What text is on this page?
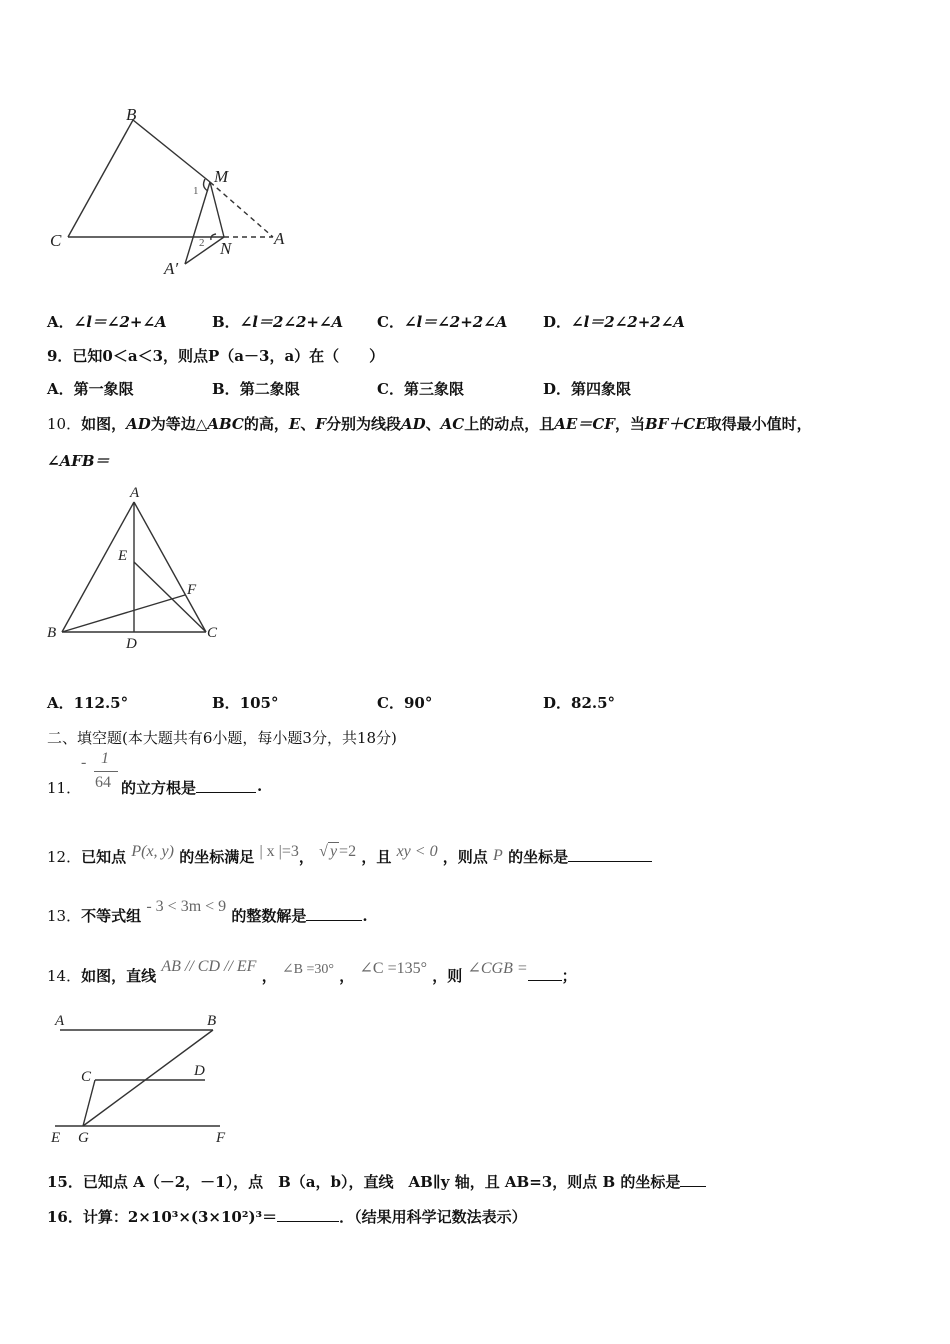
B
M
C	A
N
A′
1
2
A．∠l＝∠2+∠A	B．∠l＝2∠2+∠A C．∠l＝∠2+2∠A D．∠l＝2∠2+2∠A
9．已知0＜a＜3，则点P（a－3，a）在（　　）
A．第一象限	B．第二象限	C．第三象限	D．第四象限
10．如图，AD为等边△ABC的高，E、F分别为线段AD、AC上的动点，且AE＝CF，当BF＋CE取得最小值时，
∠AFB＝
A
E
F
B
D
C
A．112.5°	B．105°	C．90°	D．82.5°
二、填空题(本大题共有6小题，每小题3分，共18分)
11．
- 1
64 的立方根是	.
12．已知点 P(x, y) 的坐标满足 | x |=3， √ y =2 ，且 xy < 0 ，则点 P 的坐标是
13．不等式组 - 3 < 3m < 9 的整数解是	.
14．如图，直线 AB // CD // EF ， ∠B =30° ， ∠C =135° ，则 ∠CGB = ；
A	B
C	D
E G	F
15．已知点 A（－2，－1），点　B（a，b），直线　AB∥y 轴，且 AB=3，则点 B 的坐标是
16．计算：2×10³×(3×10²)³＝	．（结果用科学记数法表示）
